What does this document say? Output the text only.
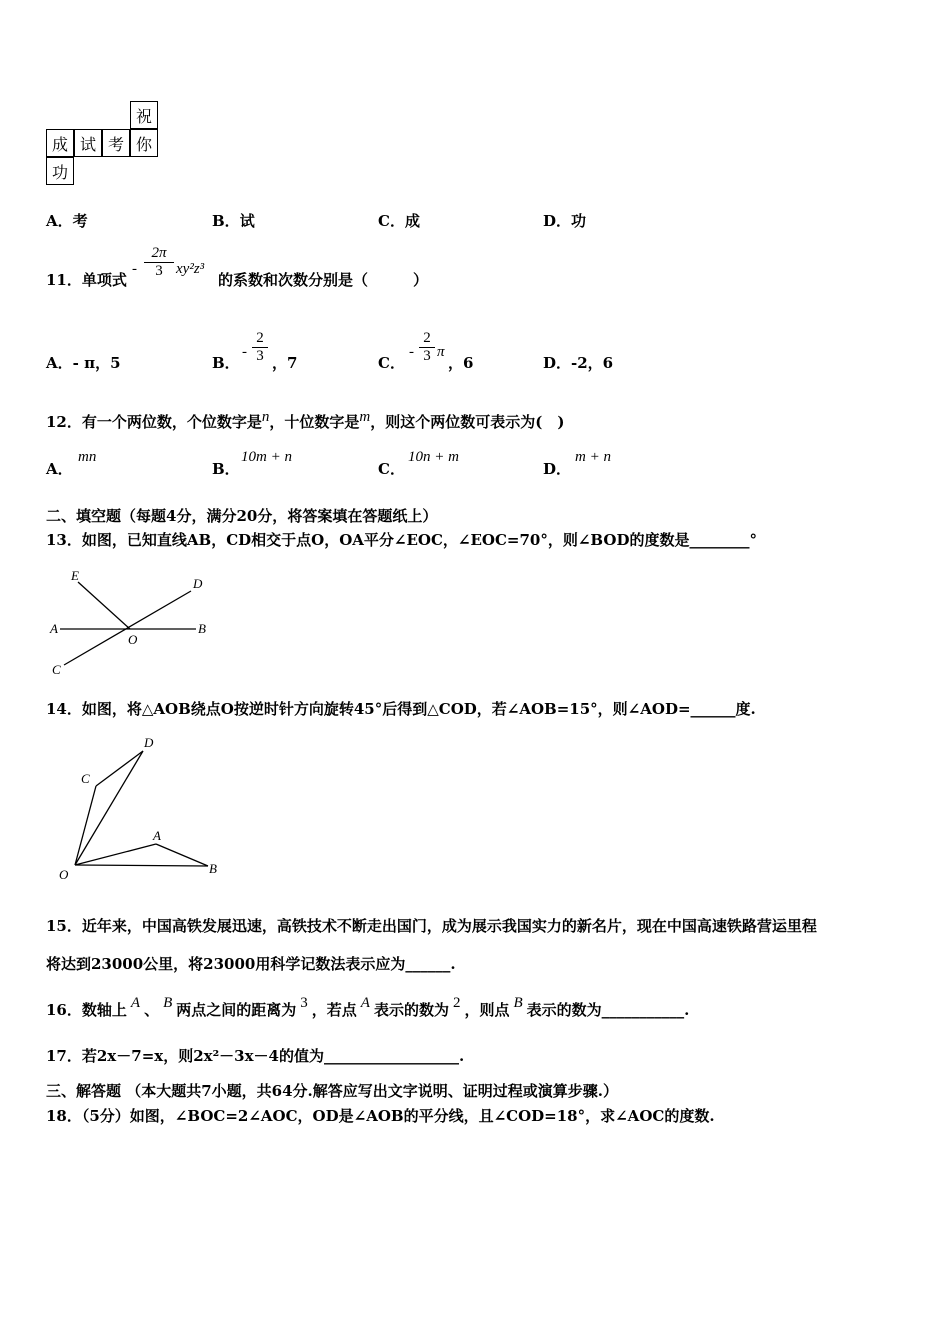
祝
成 试 考 你
功
A．考	B．试	C．成	D．功
11．单项式
- $\frac{2\pi}{3} xy^2z^3$
的系数和次数分别是（　　　）
A．- π，5	B．
- $\frac{2}{3}$ ，7	C．
- $\frac{2}{3}$ π
，6	D．-2，6
12．有一个两位数，个位数字是n，十位数字是m，则这个两位数可表示为(　)
A．
mn
B．
10m + n
C．
10n + m
D．
m + n
二、填空题（每题4分，满分20分，将答案填在答题纸上）
13．如图，已知直线AB，CD相交于点O，OA平分∠EOC，∠EOC=70°，则∠BOD的度数是________°
E
D
A
O
B
C
14．如图，将△AOB绕点O按逆时针方向旋转45°后得到△COD，若∠AOB=15°，则∠AOD=______度.
D
C
A
O	B
15．近年来，中国高铁发展迅速，高铁技术不断走出国门，成为展示我国实力的新名片，现在中国高速铁路营运里程
将达到23000公里，将23000用科学记数法表示应为______.
16．数轴上 A 、 B 两点之间的距离为 3 ，若点 A 表示的数为 2 ，则点 B 表示的数为___________.
17．若2x－7=x，则2x²－3x－4的值为__________________.
三、解答题 （本大题共7小题，共64分.解答应写出文字说明、证明过程或演算步骤.）
18．（5分）如图，∠BOC=2∠AOC，OD是∠AOB的平分线，且∠COD=18°，求∠AOC的度数.
